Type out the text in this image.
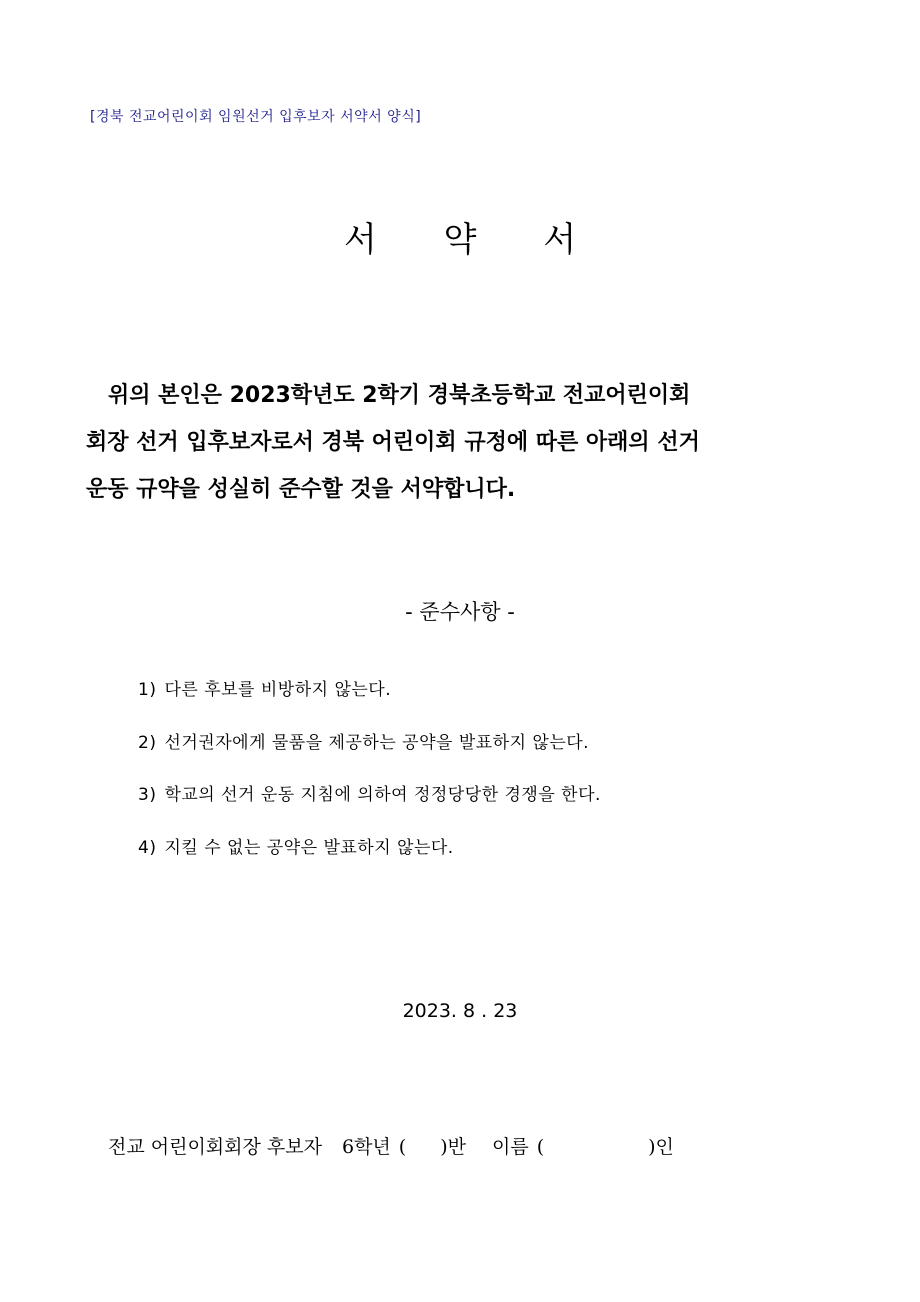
[경북 전교어린이회 임원선거 입후보자 서약서 양식]
서 약 서
위의 본인은 2023학년도 2학기 경북초등학교 전교어린이회
회장 선거 입후보자로서 경북 어린이회 규정에 따른 아래의 선거
운동 규약을 성실히 준수할 것을 서약합니다.
- 준수사항 -
1) 다른 후보를 비방하지 않는다.
2) 선거권자에게 물품을 제공하는 공약을 발표하지 않는다.
3) 학교의 선거 운동 지침에 의하여 정정당당한 경쟁을 한다.
4) 지킬 수 없는 공약은 발표하지 않는다.
2023. 8 . 23
전교 어린이회회장 후보자 6학년 ( )반 이름 (	)인
